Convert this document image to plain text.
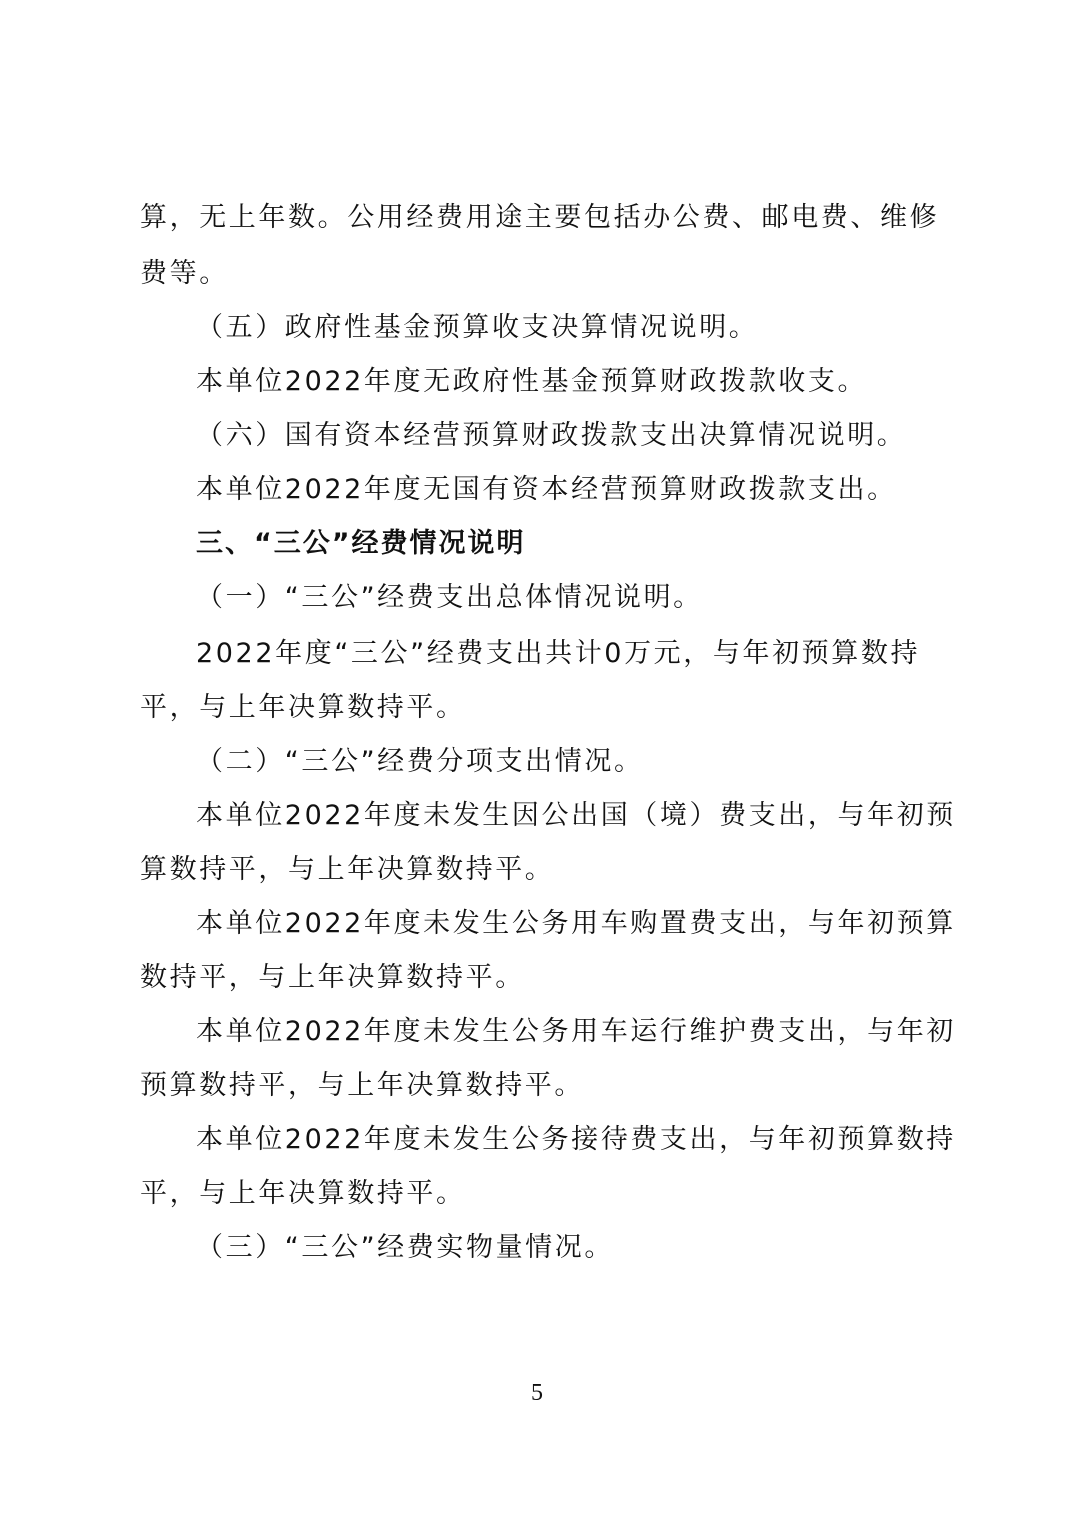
算，无上年数。公用经费用途主要包括办公费、邮电费、维修
费等。
（五）政府性基金预算收支决算情况说明。
本单位2022年度无政府性基金预算财政拨款收支。
（六）国有资本经营预算财政拨款支出决算情况说明。
本单位2022年度无国有资本经营预算财政拨款支出。
三、“三公”经费情况说明
（一）“三公”经费支出总体情况说明。
2022年度“三公”经费支出共计0万元，与年初预算数持
平，与上年决算数持平。
（二）“三公”经费分项支出情况。
本单位2022年度未发生因公出国（境）费支出，与年初预
算数持平，与上年决算数持平。
本单位2022年度未发生公务用车购置费支出，与年初预算
数持平，与上年决算数持平。
本单位2022年度未发生公务用车运行维护费支出，与年初
预算数持平，与上年决算数持平。
本单位2022年度未发生公务接待费支出，与年初预算数持
平，与上年决算数持平。
（三）“三公”经费实物量情况。
5
